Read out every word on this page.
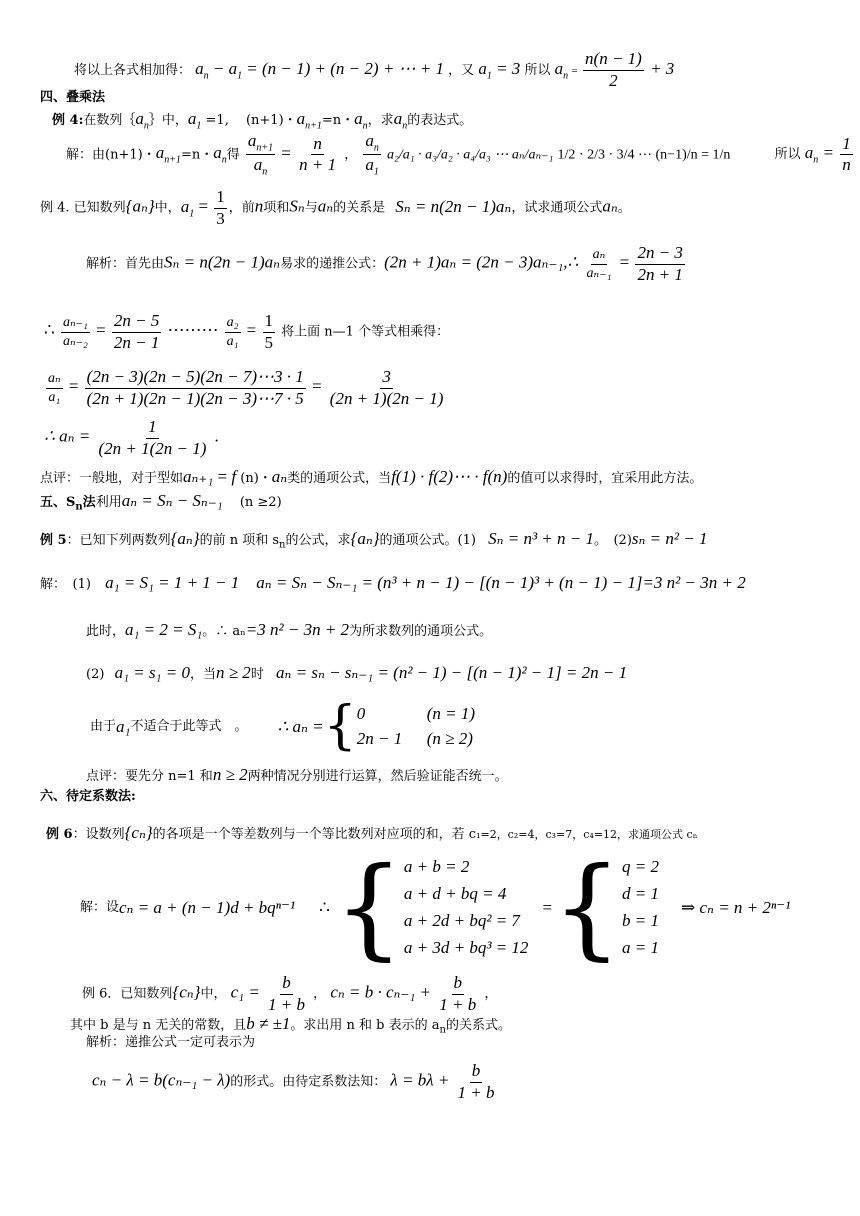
将以上各式相加得： $a_n - a_1 = (n - 1) + (n - 2)$ + ⋯ + 1 ，又 $a_1 = 3$ 所以 $a_n = \frac{n(n - 1)}{2} + 3$
四、叠乘法
例 4:在数列$\{a_n\}$中，$a_1 =1$,　 (n+1)・$a_{n+1}=n$・$a_n$，求$a_n$的表达式。
解：由(n+1)・$a_{n+1}=n$・$a_n$得 $\frac{a_{n+1}}{a_n} = \frac{n}{n + 1}$ ， $\frac{a_n}{a_1} a_2/a_1 \cdot a_3/a_2 \cdot a_4/a_3$ ⋯ aₙ/aₙ₋₁ 1/2 · 2/3 · 3/4 ⋯ (n−1)/n = 1/n	所以 $a_n = \frac{1}{n}$
例 4. 已知数列{aₙ}中，$a_1 = \frac{1}{3}$ ，前n项和Sₙ与aₙ的关系是 Sₙ = n(2n − 1)aₙ，试求通项公式aₙ。
解析：首先由Sₙ = n(2n − 1)aₙ易求的递推公式：(2n + 1)aₙ = (2n − 3)aₙ₋₁,∴ $\frac{\text{aₙ}}{\text{aₙ₋₁}} = \frac{2n - 3}{2n + 1}$
∴ $\frac{\text{aₙ₋₁}}{\text{aₙ₋₂}} = \frac{2n - 5}{2n - 1}$ ⋯⋯⋯ $\frac{\text{a₂}}{\text{a₁}} = \frac{1}{5}$ 将上面 n—1 个等式相乘得：
$\frac{\text{aₙ}}{\text{a₁}} = \frac{(2n - 3)(2n - 5)(2n - 7)\cdots 3 \cdot 1}{(2n + 1)(2n - 1)(2n - 3)\cdots 7 \cdot 5} = \frac{3}{(2n + 1)(2n - 1)}$
∴ $a_n = \frac{1}{(2n + 1(2n - 1)}$ .
点评：一般地，对于型如aₙ₊₁ = f (n)・aₙ类的通项公式，当f(1) · f(2)⋯ · f(n)的值可以求得时，宜采用此方法。
五、$S_n$法利用aₙ = Sₙ − Sₙ₋₁　 (n ≥2)
例 5：已知下列两数列{aₙ}的前 n 项和 $s_n$的公式，求{aₙ}的通项公式。(1) Sₙ = n³ + n − 1。　(2)sₙ = n² − 1
解：　(1) a₁ = S₁ = 1 + 1 − 1　aₙ = Sₙ − Sₙ₋₁ = (n³ + n − 1) − [(n − 1)³ + (n − 1) − 1]=3 n² − 3n + 2
此时，a₁ = 2 = S₁。∴ aₙ=3 n² − 3n + 2为所求数列的通项公式。
(2) a₁ = s₁ = 0，当n ≥ 2时 aₙ = sₙ − sₙ₋₁ = (n² − 1) − [(n − 1)² − 1] = 2n − 1
由于 a₁ 不适合于此等式　。 ∴ aₙ = { 0	(n = 1)
2n − 1 (n ≥ 2)
点评：要先分 n=1 和n ≥ 2两种情况分别进行运算，然后验证能否统一。
六、待定系数法:
例 6：设数列{cₙ}的各项是一个等差数列与一个等比数列对应项的和，若 c₁=2，c₂=4，c₃=7，c₄=12，求通项公式 cₙ
解：设 cₙ = a + (n − 1)d + bqⁿ⁻¹ ∴ { a + b = 2
a + d + bq = 4
a + 2d + bq² = 7
a + 3d + bq³ = 12
= { q = 2
d = 1
b = 1
a = 1
⇒ cₙ = n + 2ⁿ⁻¹
例 6．已知数列{cₙ}中， $c_1 = \frac{b}{1 + b}$ ， $c_n = b \cdot c_{n-1} + \frac{b}{1 + b}$ ，
其中 b 是与 n 无关的常数，且b ≠ ±1。求出用 n 和 b 表示的 $a_n$的关系式。
解析：递推公式一定可表示为
cₙ − λ = b(cₙ₋₁ − λ)的形式。由待定系数法知： $\lambda = b\lambda + \frac{b}{1 + b}$
